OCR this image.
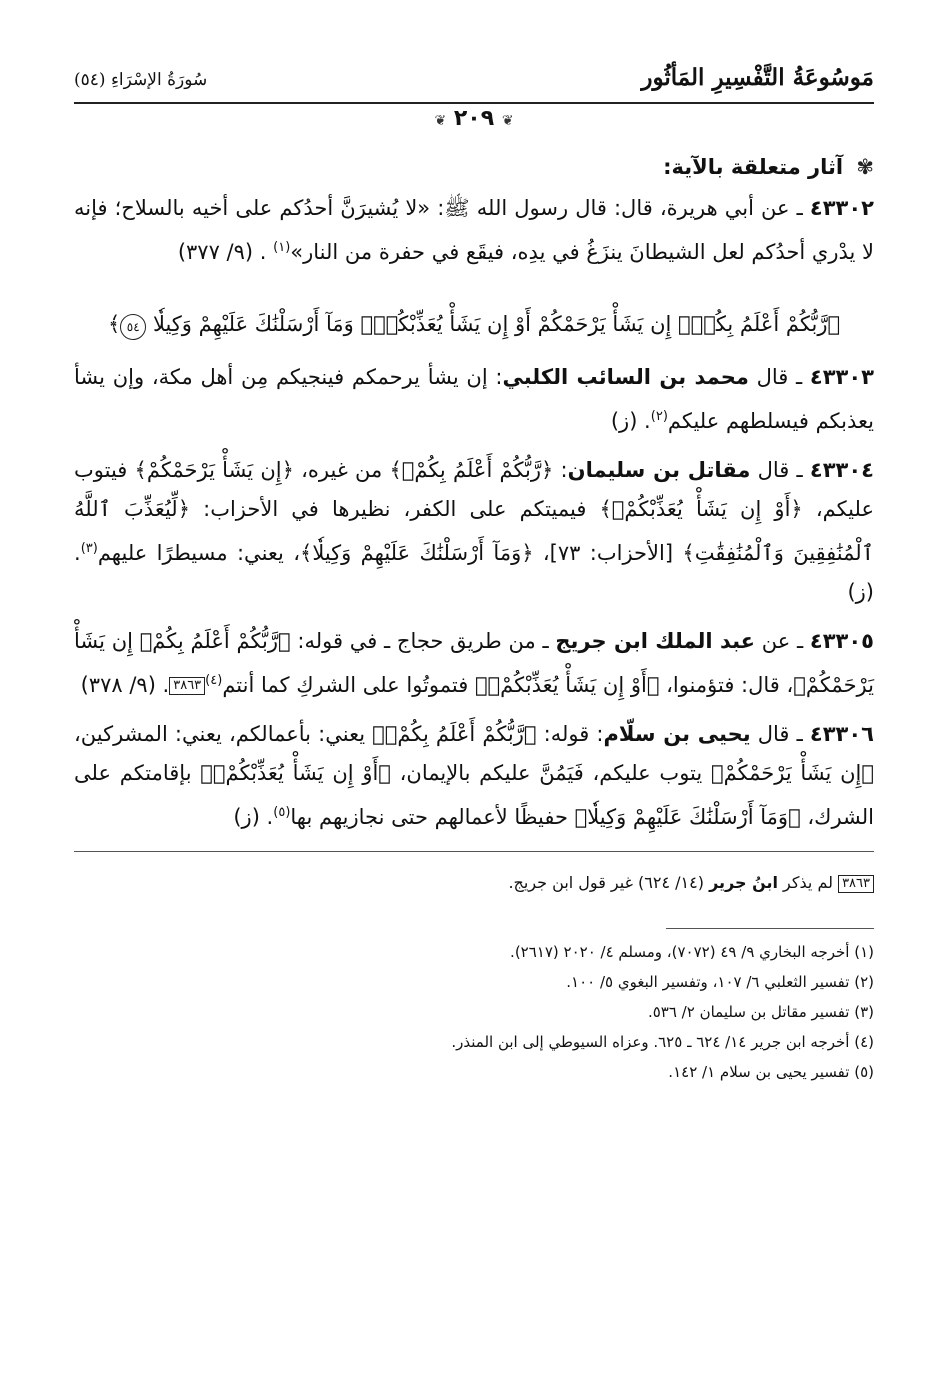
مَوسُوعَةُ التَّفْسِيرِ المَأثُور
سُورَةُ الإسْرَاءِ (٥٤)
❦ ٢٠٩ ❦
✾ آثار متعلقة بالآية:
٤٣٣٠٢ ـ عن أبي هريرة، قال: قال رسول الله ﷺ: «لا يُشيرَنَّ أحدُكم على أخيه بالسلاح؛ فإنه لا يدْري أحدُكم لعل الشيطانَ ينزَغُ في يدِه، فيقَع في حفرة من النار»$^{(١)}$ . (٩/ ٣٧٧)
﴿رَّبُّكُمْ أَعْلَمُ بِكُمْۖ إِن يَشَأْ يَرْحَمْكُمْ أَوْ إِن يَشَأْ يُعَذِّبْكُمْۚ وَمَآ أَرْسَلْنَٰكَ عَلَيْهِمْ وَكِيلٗا ٥٤﴾
٤٣٣٠٣ ـ قال محمد بن السائب الكلبي: إن يشأ يرحمكم فينجيكم مِن أهل مكة، وإن يشأ يعذبكم فيسلطهم عليكم$^{(٢)}$. (ز)
٤٣٣٠٤ ـ قال مقاتل بن سليمان: ﴿رَّبُّكُمْ أَعْلَمُ بِكُمْۖ﴾ من غيره، ﴿إِن يَشَأْ يَرْحَمْكُمْ﴾ فيتوب عليكم، ﴿أَوْ إِن يَشَأْ يُعَذِّبْكُمْۚ﴾ فيميتكم على الكفر، نظيرها في الأحزاب: ﴿لِّيُعَذِّبَ ٱللَّهُ ٱلْمُنَٰفِقِينَ وَٱلْمُنَٰفِقَٰتِ﴾ [الأحزاب: ٧٣]، ﴿وَمَآ أَرْسَلْنَٰكَ عَلَيْهِمْ وَكِيلٗا﴾، يعني: مسيطرًا عليهم$^{(٣)}$. (ز)
٤٣٣٠٥ ـ عن عبد الملك ابن جريج ـ من طريق حجاج ـ في قوله: ﴿رَّبُّكُمْ أَعْلَمُ بِكُمْۖ إِن يَشَأْ يَرْحَمْكُمْ﴾، قال: فتؤمنوا، ﴿أَوْ إِن يَشَأْ يُعَذِّبْكُمْۚ﴾ فتموتُوا على الشركِ كما أنتم$^{(٤)}$٣٨٦٣. (٩/ ٣٧٨)
٤٣٣٠٦ ـ قال يحيى بن سلّام: قوله: ﴿رَّبُّكُمْ أَعْلَمُ بِكُمْۖ﴾ يعني: بأعمالكم، يعني: المشركين، ﴿إِن يَشَأْ يَرْحَمْكُمْ﴾ يتوب عليكم، فَيَمُنَّ عليكم بالإيمان، ﴿أَوْ إِن يَشَأْ يُعَذِّبْكُمْۚ﴾ بإقامتكم على الشرك، ﴿وَمَآ أَرْسَلْنَٰكَ عَلَيْهِمْ وَكِيلٗا﴾ حفيظًا لأعمالهم حتى نجازيهم بها$^{(٥)}$. (ز)
٣٨٦٣ لم يذكر ابنُ جرير (١٤/ ٦٢٤) غير قول ابن جريج.
(١) أخرجه البخاري ٩/ ٤٩ (٧٠٧٢)، ومسلم ٤/ ٢٠٢٠ (٢٦١٧).
(٢) تفسير الثعلبي ٦/ ١٠٧، وتفسير البغوي ٥/ ١٠٠.
(٣) تفسير مقاتل بن سليمان ٢/ ٥٣٦.
(٤) أخرجه ابن جرير ١٤/ ٦٢٤ ـ ٦٢٥. وعزاه السيوطي إلى ابن المنذر.
(٥) تفسير يحيى بن سلام ١/ ١٤٢.
